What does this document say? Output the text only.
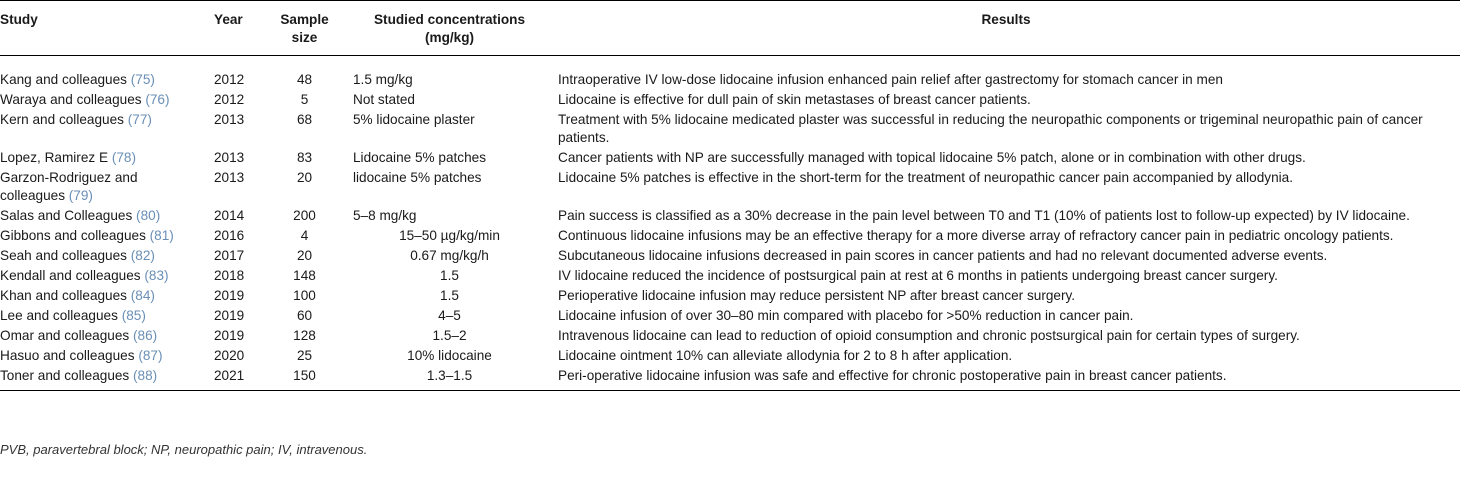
Study	Year	Sample size	Studied concentrations (mg/kg)	Results
Kang and colleagues (75)	2012	48	1.5 mg/kg	Intraoperative IV low-dose lidocaine infusion enhanced pain relief after gastrectomy for stomach cancer in men
Waraya and colleagues (76)	2012	5	Not stated	Lidocaine is effective for dull pain of skin metastases of breast cancer patients.
Kern and colleagues (77)	2013	68	5% lidocaine plaster	Treatment with 5% lidocaine medicated plaster was successful in reducing the neuropathic components or trigeminal neuropathic pain of cancer patients.
Lopez, Ramirez E (78)	2013	83	Lidocaine 5% patches	Cancer patients with NP are successfully managed with topical lidocaine 5% patch, alone or in combination with other drugs.
Garzon-Rodriguez and colleagues (79)	2013	20	lidocaine 5% patches	Lidocaine 5% patches is effective in the short-term for the treatment of neuropathic cancer pain accompanied by allodynia.
Salas and Colleagues (80)	2014	200	5–8 mg/kg	Pain success is classified as a 30% decrease in the pain level between T0 and T1 (10% of patients lost to follow-up expected) by IV lidocaine.
Gibbons and colleagues (81)	2016	4	15–50 µg/kg/min	Continuous lidocaine infusions may be an effective therapy for a more diverse array of refractory cancer pain in pediatric oncology patients.
Seah and colleagues (82)	2017	20	0.67 mg/kg/h	Subcutaneous lidocaine infusions decreased in pain scores in cancer patients and had no relevant documented adverse events.
Kendall and colleagues (83)	2018	148	1.5	IV lidocaine reduced the incidence of postsurgical pain at rest at 6 months in patients undergoing breast cancer surgery.
Khan and colleagues (84)	2019	100	1.5	Perioperative lidocaine infusion may reduce persistent NP after breast cancer surgery.
Lee and colleagues (85)	2019	60	4–5	Lidocaine infusion of over 30–80 min compared with placebo for >50% reduction in cancer pain.
Omar and colleagues (86)	2019	128	1.5–2	Intravenous lidocaine can lead to reduction of opioid consumption and chronic postsurgical pain for certain types of surgery.
Hasuo and colleagues (87)	2020	25	10% lidocaine	Lidocaine ointment 10% can alleviate allodynia for 2 to 8 h after application.
Toner and colleagues (88)	2021	150	1.3–1.5	Peri-operative lidocaine infusion was safe and effective for chronic postoperative pain in breast cancer patients.
PVB, paravertebral block; NP, neuropathic pain; IV, intravenous.
